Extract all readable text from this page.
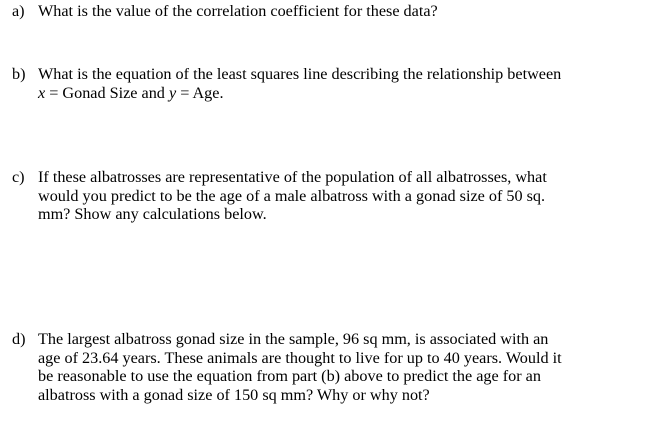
a) What is the value of the correlation coefficient for these data?
b) What is the equation of the least squares line describing the relationship between
x = Gonad Size and y = Age.
c) If these albatrosses are representative of the population of all albatrosses, what
would you predict to be the age of a male albatross with a gonad size of 50 sq.
mm? Show any calculations below.
d) The largest albatross gonad size in the sample, 96 sq mm, is associated with an
age of 23.64 years. These animals are thought to live for up to 40 years. Would it
be reasonable to use the equation from part (b) above to predict the age for an
albatross with a gonad size of 150 sq mm? Why or why not?
